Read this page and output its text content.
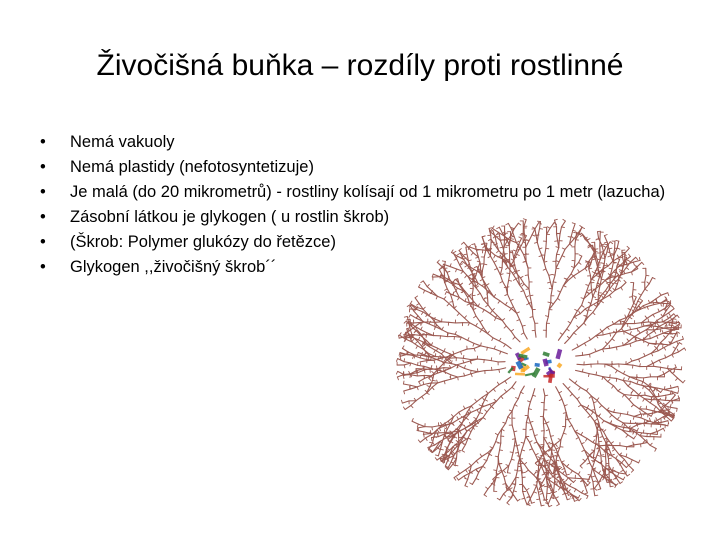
Živočišná buňka – rozdíly proti rostlinné
• Nemá vakuoly
• Nemá plastidy (nefotosyntetizuje)
• Je malá (do 20 mikrometrů) - rostliny kolísají od 1 mikrometru po 1 metr (lazucha)
• Zásobní látkou je glykogen ( u rostlin škrob)
• (Škrob: Polymer glukózy do řetězce)
• Glykogen ,,živočišný škrob´´
